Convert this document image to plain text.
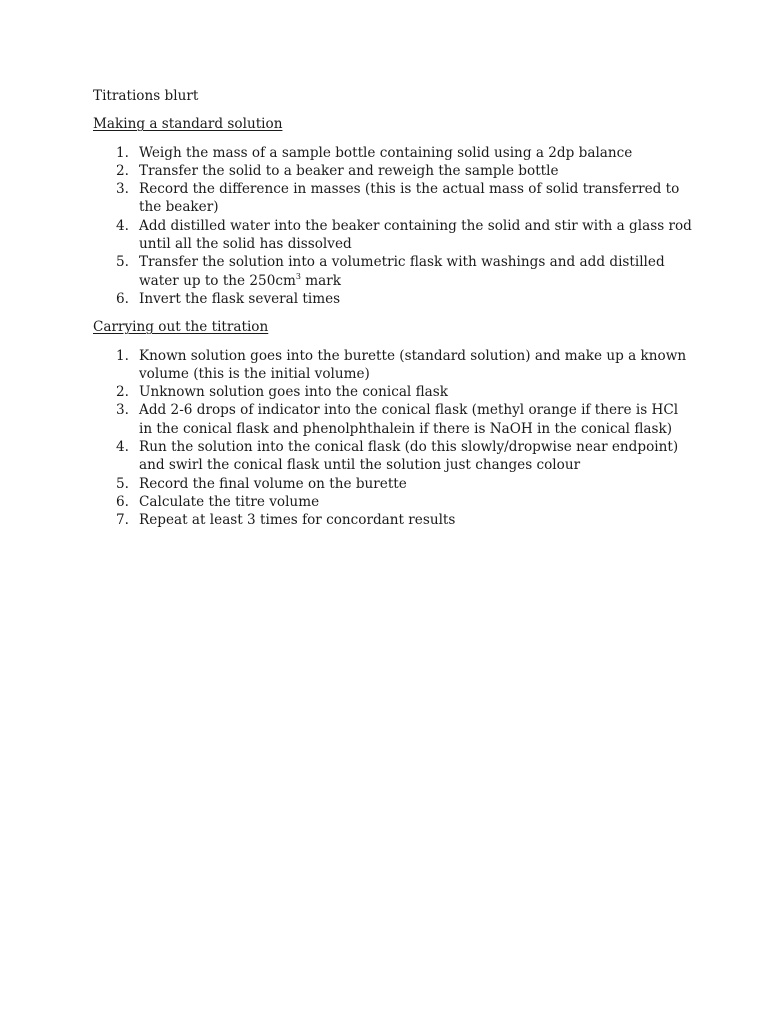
Titrations blurt

Making a standard solution

1. Weigh the mass of a sample bottle containing solid using a 2dp balance
2. Transfer the solid to a beaker and reweigh the sample bottle
3. Record the difference in masses (this is the actual mass of solid transferred to the beaker)
4. Add distilled water into the beaker containing the solid and stir with a glass rod until all the solid has dissolved
5. Transfer the solution into a volumetric flask with washings and add distilled water up to the $250cm^3$ mark
6. Invert the flask several times

Carrying out the titration

1. Known solution goes into the burette (standard solution) and make up a known volume (this is the initial volume)
2. Unknown solution goes into the conical flask
3. Add 2-6 drops of indicator into the conical flask (methyl orange if there is HCl in the conical flask and phenolphthalein if there is NaOH in the conical flask)
4. Run the solution into the conical flask (do this slowly/dropwise near endpoint) and swirl the conical flask until the solution just changes colour
5. Record the final volume on the burette
6. Calculate the titre volume
7. Repeat at least 3 times for concordant results
